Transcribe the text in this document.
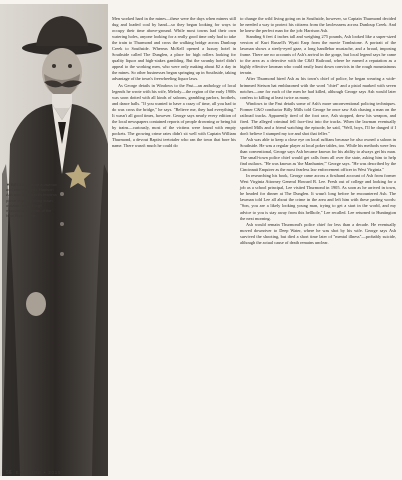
▼BELOW – Both a lawman and saloonkeeper, Harrison Ash was Thurmond's fearless police chief, cleaning down outlaws on the rough mountainous terrain of the New River Gorge.

Men worked hard in the mines—these were the days when miners still dug and loaded coal by hand—so they began looking for ways to occupy their time above-ground. While most towns had their own watering holes, anyone looking for a really good time only had to take the train to Thurmond and cross the walking bridge across Dunloup Creek to Southside. Whereas McKell opened a luxury hotel in Southside called The Dunglen, a place for high rollers looking for quality liquor and high-stakes gambling. But the swanky hotel didn't appeal to the working men, who were only making about $2 a day in the mines. So other businesses began springing up in Southside, taking advantage of the town's freewheeling liquor laws.

As George details in Windows to the Past—an anthology of local legends he wrote with his wife, Melody—the region of the early 1900s was soon dotted with all kinds of saloons, gambling parlors, brothels, and dance halls. "If you wanted to have a crazy ol' time, all you had to do was cross the bridge," he says. "Believe me, they had everything." It wasn't all good times, however. George says nearly every edition of the local newspapers contained reports of people drowning or being hit by trains—curiously, most of the victims were found with empty pockets. The growing crime rates didn't sit well with Captain William Thurmond, a devout Baptist teetotaler who ran the town that bore his name. There wasn't much he could do

to change the wild living going on in Southside, however, so Captain Thurmond decided he needed a way to protect his citizens from the lawlessness across Dunloup Creek. And he knew the perfect man for the job: Harrison Ash.

Standing 6 feet 4 inches tall and weighing 275 pounds, Ash looked like a super-sized version of Kurt Russell's Wyatt Earp from the movie Tombstone. A portrait of the lawman shows a steely-eyed gaze, a long handlebar mustache, and a broad, imposing frame. There are no accounts of Ash's arrival in the gorge, but local legend says he came to the area as a detective with the C&O Railroad, where he earned a reputation as a highly effective lawman who could easily hunt down convicts in the rough mountainous terrain.

After Thurmond hired Ash as his town's chief of police, he began wearing a wide-brimmed Stetson hat emblazoned with the word "chief" and a pistol marked with seven notches—one for each of the men he had killed, although George says Ash would later confess to killing at least twice as many.

Windows to the Past details some of Ash's more unconventional policing techniques. Former C&O conductor Billy Mills told George he once saw Ash chasing a man on the railroad tracks. Apparently tired of the foot race, Ash stopped, drew his weapon, and fired. The alleged criminal fell face-first into the tracks. When the lawman eventually spotted Mills and a friend watching the episode, he said, "Well, boys, I'll be danged if I don't believe I stumped my toe and shot that feller."

Ash was able to keep a close eye on local ruffians because he also owned a saloon in Southside. He was a regular player at local poker tables, too. While his methods were less than conventional, George says Ash became known for his ability to always get his man. The small-town police chief would get calls from all over the state, asking him to help find outlaws. "He was known as 'the Manhunter,'" George says. "He was described by the Cincinnati Enquirer as the most fearless law enforcement officer in West Virginia."

In researching his book, George came across a firsthand account of Ash from former West Virginia Attorney General Howard B. Lee. Fresh out of college and looking for a job as a school principal, Lee visited Thurmond in 1905. As soon as he arrived in town, he headed for dinner at The Dunglen. It wasn't long before he encountered Ash. The lawman told Lee all about the crime in the area and left him with these parting words: "Son, you are a likely looking young man, trying to get a start in the world, and my advice to you is stay away from this hellhole," Lee recalled. Lee returned to Huntington the next morning.

Ash would remain Thurmond's police chief for less than a decade. He eventually moved downriver to Deep Water, where he was shot by his wife. George says Ash survived the shooting, but died a short time later of "mental illness"—probably suicide, although the actual cause of death remains unclear.

56 EXPLORE • 2015
